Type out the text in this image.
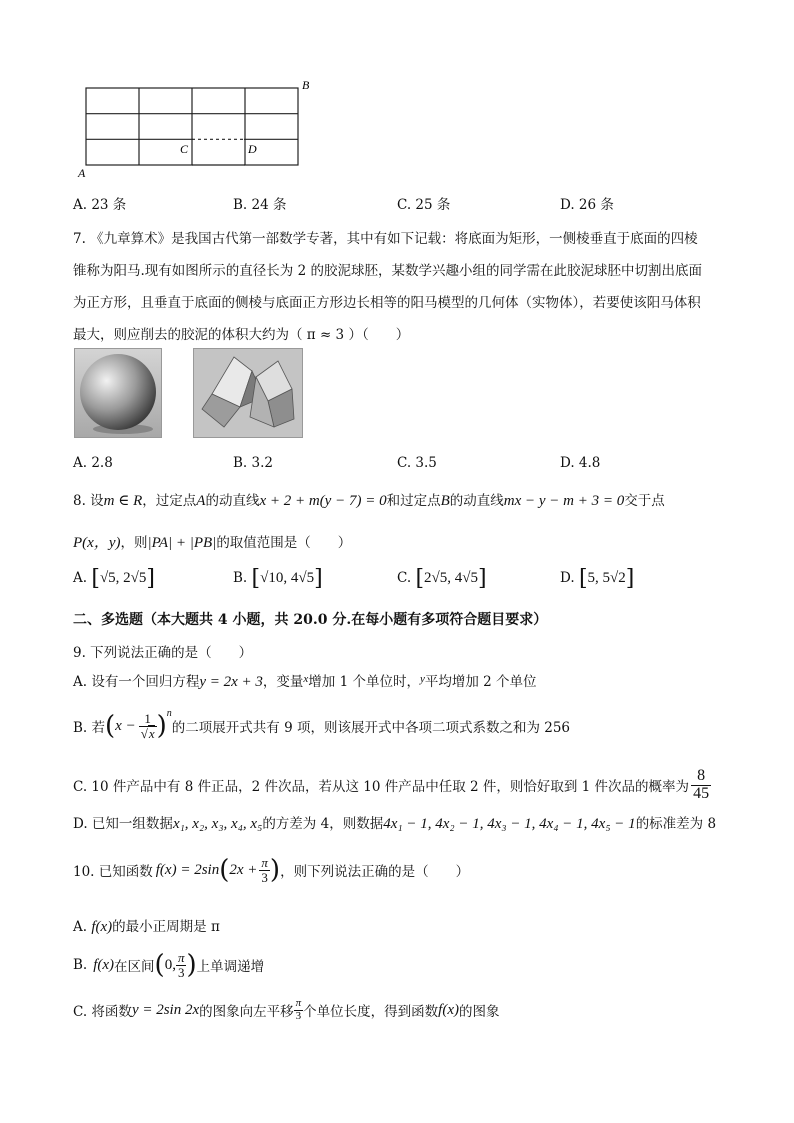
A
B
C	D
A. 23 条	B. 24 条	C. 25 条	D. 26 条
7. 《九章算术》是我国古代第一部数学专著，其中有如下记载：将底面为矩形，一侧棱垂直于底面的四棱
锥称为阳马.现有如图所示的直径长为 2 的胶泥球胚，某数学兴趣小组的同学需在此胶泥球胚中切割出底面
为正方形，且垂直于底面的侧棱与底面正方形边长相等的阳马模型的几何体（实物体），若要使该阳马体积
最大，则应削去的胶泥的体积大约为（ π ≈ 3 ）（　　）
A. 2.8	B. 3.2	C. 3.5	D. 4.8
8. 设m ∈ R，过定点A的动直线x + 2 + m(y − 7) = 0和过定点B的动直线mx − y − m + 3 = 0交于点
P(x，y)，则|PA| + |PB|的取值范围是（　　）
A. [√5, 2√5]	B. [√10, 4√5]	C. [2√5, 4√5]	D. [5, 5√2]
二、多选题（本大题共 4 小题，共 20.0 分.在每小题有多项符合题目要求）
9. 下列说法正确的是（　　）
A. 设有一个回归方程y = 2x + 3，变量$^x$增加 1 个单位时，$^y$平均增加 2 个单位
B. 若 ( $x - \frac{1}{√x}$ ) n
的二项展开式共有 9 项，则该展开式中各项二项式系数之和为 256
C. 10 件产品中有 8 件正品，2 件次品，若从这 10 件产品中任取 2 件，则恰好取到 1 件次品的概率为 $\frac{8}{45}$
D. 已知一组数据x₁, x₂, x₃, x₄, x₅的方差为 4，则数据4x₁ − 1, 4x₂ − 1, 4x₃ − 1, 4x₄ − 1, 4x₅ − 1的标准差为 8
10. 已知函数 f(x) = 2sin ( $2x + \frac{\pi}{3}$ ) ，则下列说法正确的是（　　）
A. f(x)的最小正周期是 π
B. f(x) 在区间 ( 0, $\frac{\pi}{3}$ ) 上单调递增
C. 将函数 y = 2sin 2x 的图象向左平移 $\frac{\pi}{3}$ 个单位长度，得到函数 f(x) 的图象
